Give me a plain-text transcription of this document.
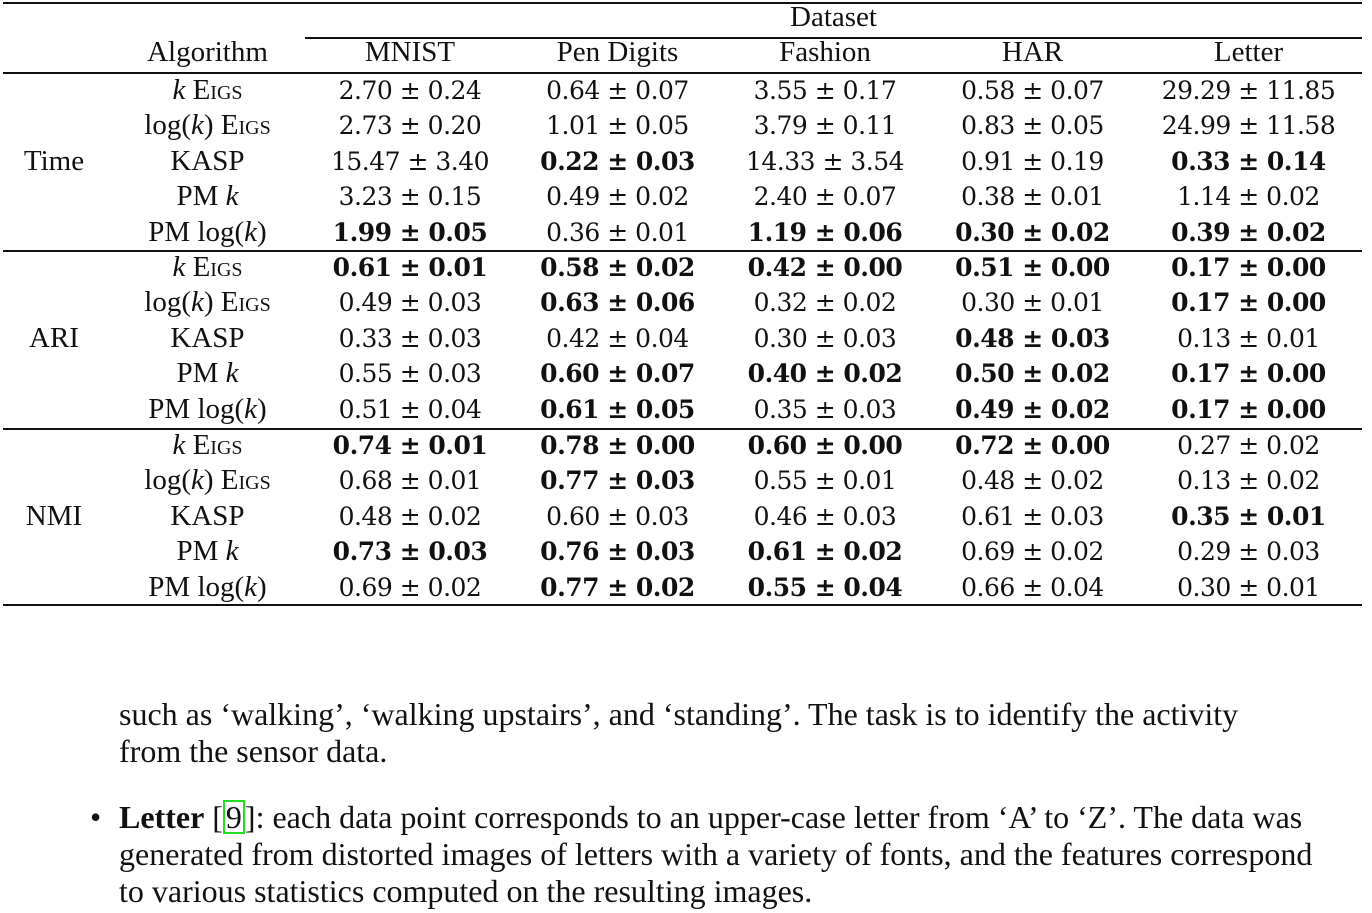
Dataset
Algorithm	MNIST	Pen Digits	Fashion	HAR	Letter
Time
k Eigs	2.70 ± 0.24	0.64 ± 0.07	3.55 ± 0.17	0.58 ± 0.07	29.29 ± 11.85
log(k) Eigs	2.73 ± 0.20	1.01 ± 0.05	3.79 ± 0.11	0.83 ± 0.05	24.99 ± 11.58
KASP	15.47 ± 3.40	0.22 ± 0.03	14.33 ± 3.54	0.91 ± 0.19	0.33 ± 0.14
PM k	3.23 ± 0.15	0.49 ± 0.02	2.40 ± 0.07	0.38 ± 0.01	1.14 ± 0.02
PM log(k)	1.99 ± 0.05	0.36 ± 0.01	1.19 ± 0.06	0.30 ± 0.02	0.39 ± 0.02
ARI
k Eigs	0.61 ± 0.01	0.58 ± 0.02	0.42 ± 0.00	0.51 ± 0.00	0.17 ± 0.00
log(k) Eigs	0.49 ± 0.03	0.63 ± 0.06	0.32 ± 0.02	0.30 ± 0.01	0.17 ± 0.00
KASP	0.33 ± 0.03	0.42 ± 0.04	0.30 ± 0.03	0.48 ± 0.03	0.13 ± 0.01
PM k	0.55 ± 0.03	0.60 ± 0.07	0.40 ± 0.02	0.50 ± 0.02	0.17 ± 0.00
PM log(k)	0.51 ± 0.04	0.61 ± 0.05	0.35 ± 0.03	0.49 ± 0.02	0.17 ± 0.00
NMI
k Eigs	0.74 ± 0.01	0.78 ± 0.00	0.60 ± 0.00	0.72 ± 0.00	0.27 ± 0.02
log(k) Eigs	0.68 ± 0.01	0.77 ± 0.03	0.55 ± 0.01	0.48 ± 0.02	0.13 ± 0.02
KASP	0.48 ± 0.02	0.60 ± 0.03	0.46 ± 0.03	0.61 ± 0.03	0.35 ± 0.01
PM k	0.73 ± 0.03	0.76 ± 0.03	0.61 ± 0.02	0.69 ± 0.02	0.29 ± 0.03
PM log(k)	0.69 ± 0.02	0.77 ± 0.02	0.55 ± 0.04	0.66 ± 0.04	0.30 ± 0.01
such as ‘walking’, ‘walking upstairs’, and ‘standing’. The task is to identify the activity
from the sensor data.
• Letter [9]: each data point corresponds to an upper-case letter from ‘A’ to ‘Z’. The data was
generated from distorted images of letters with a variety of fonts, and the features correspond
to various statistics computed on the resulting images.
